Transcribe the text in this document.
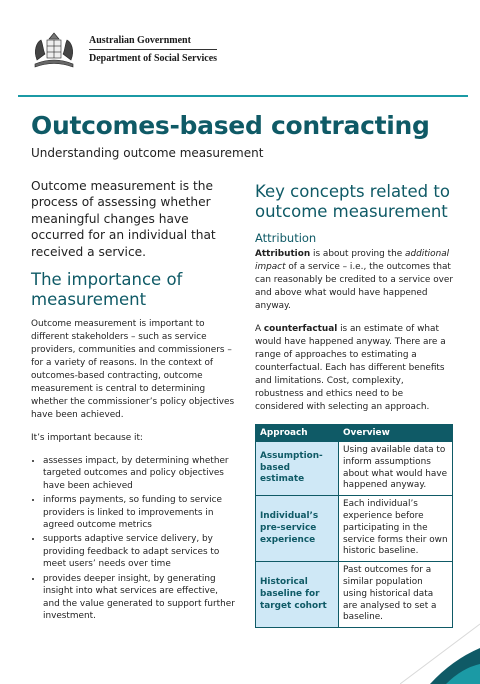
Australian Government
Department of Social Services
Outcomes-based contracting
Understanding outcome measurement

Outcome measurement is the process of assessing whether meaningful changes have occurred for an individual that received a service.

The importance of measurement

Outcome measurement is important to different stakeholders – such as service providers, communities and commissioners – for a variety of reasons. In the context of outcomes-based contracting, outcome measurement is central to determining whether the commissioner’s policy objectives have been achieved.

It’s important because it:

• assesses impact, by determining whether targeted outcomes and policy objectives have been achieved
• informs payments, so funding to service providers is linked to improvements in agreed outcome metrics
• supports adaptive service delivery, by providing feedback to adapt services to meet users’ needs over time
• provides deeper insight, by generating insight into what services are effective, and the value generated to support further investment.
Key concepts related to outcome measurement
Attribution

Attribution is about proving the additional impact of a service – i.e., the outcomes that can reasonably be credited to a service over and above what would have happened anyway.

A counterfactual is an estimate of what would have happened anyway. There are a range of approaches to estimating a counterfactual. Each has different benefits and limitations. Cost, complexity, robustness and ethics need to be considered with selecting an approach.

Approach	Overview
Assumption-based estimate	Using available data to inform assumptions about what would have happened anyway.
Individual’s pre-service experience	Each individual’s experience before participating in the service forms their own historic baseline.
Historical baseline for target cohort	Past outcomes for a similar population using historical data are analysed to set a baseline.
